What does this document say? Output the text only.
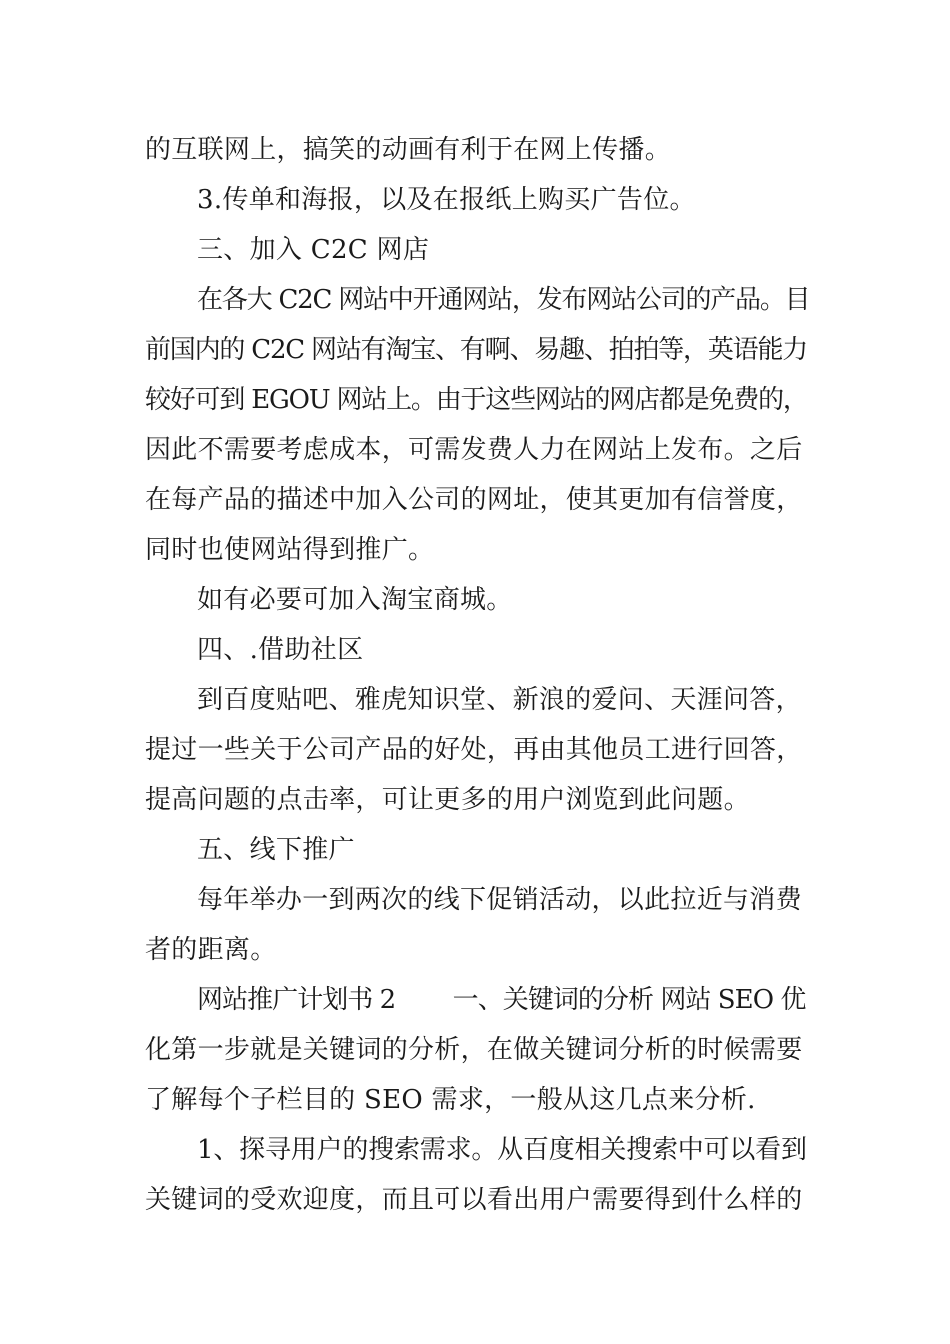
的互联网上，搞笑的动画有利于在网上传播。
3.传单和海报，以及在报纸上购买广告位。
三、加入 C2C 网店
在各大 C2C 网站中开通网站，发布网站公司的产品。目
前国内的 C2C 网站有淘宝、有啊、易趣、拍拍等，英语能力
较好可到 EGOU 网站上。由于这些网站的网店都是免费的，
因此不需要考虑成本，可需发费人力在网站上发布。之后
在每产品的描述中加入公司的网址，使其更加有信誉度，
同时也使网站得到推广。
如有必要可加入淘宝商城。
四、.借助社区
到百度贴吧、雅虎知识堂、新浪的爱问、天涯问答，
提过一些关于公司产品的好处，再由其他员工进行回答，
提高问题的点击率，可让更多的用户浏览到此问题。
五、线下推广
每年举办一到两次的线下促销活动，以此拉近与消费
者的距离。
网站推广计划书 2　　 一、关键词的分析 网站 SEO 优
化第一步就是关键词的分析，在做关键词分析的时候需要
了解每个子栏目的 SEO 需求，一般从这几点来分析.
1、探寻用户的搜索需求。从百度相关搜索中可以看到
关键词的受欢迎度，而且可以看出用户需要得到什么样的
